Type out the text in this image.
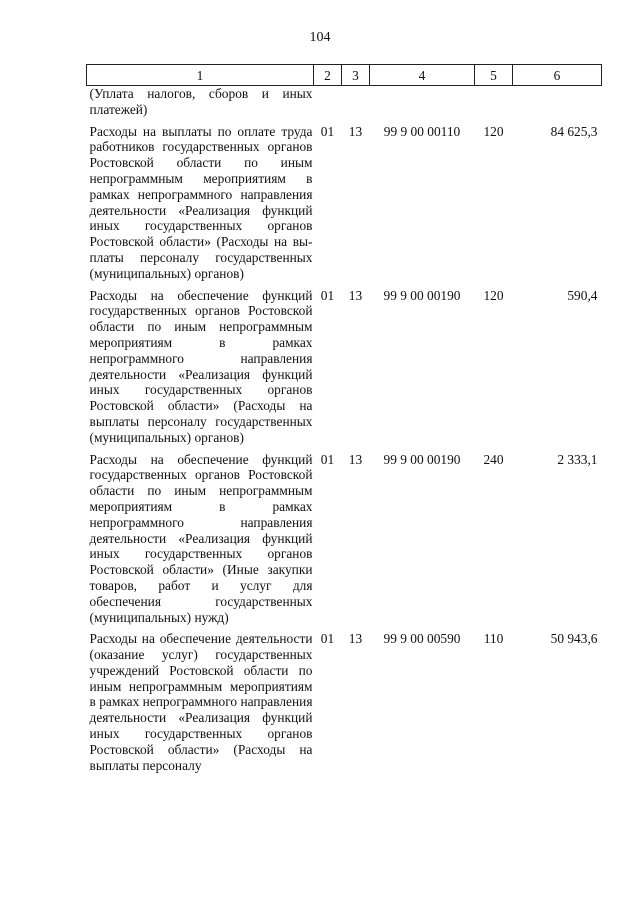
104
1	2	3	4	5	6
(Уплата налогов, сборов и иных платежей)					
Расходы на выплаты по оплате труда работников государственных органов Ростовской области по иным непрограммным мероприятиям в рамках непрограммного направления деятельности «Реализация функций иных государственных органов Ростовской области» (Расходы на выплаты персоналу государственных (муниципальных) органов)	01	13	99 9 00 00110	120	84 625,3
Расходы на обеспечение функций государственных органов Ростовской области по иным непрограммным мероприятиям в рамках непрограммного направления деятельности «Реализация функций иных государственных органов Ростовской области» (Расходы на выплаты персоналу государственных (муниципальных) органов)	01	13	99 9 00 00190	120	590,4
Расходы на обеспечение функций государственных органов Ростовской области по иным непрограммным мероприятиям в рамках непрограммного направления деятельности «Реализация функций иных государственных органов Ростовской области» (Иные закупки товаров, работ и услуг для обеспечения государственных (муниципальных) нужд)	01	13	99 9 00 00190	240	2 333,1
Расходы на обеспечение деятельности (оказание услуг) государственных учреждений Ростовской области по иным непрограммным мероприятиям в рамках непрограммного направления деятельности «Реализация функций иных государственных органов Ростовской области» (Расходы на выплаты персоналу	01	13	99 9 00 00590	110	50 943,6
